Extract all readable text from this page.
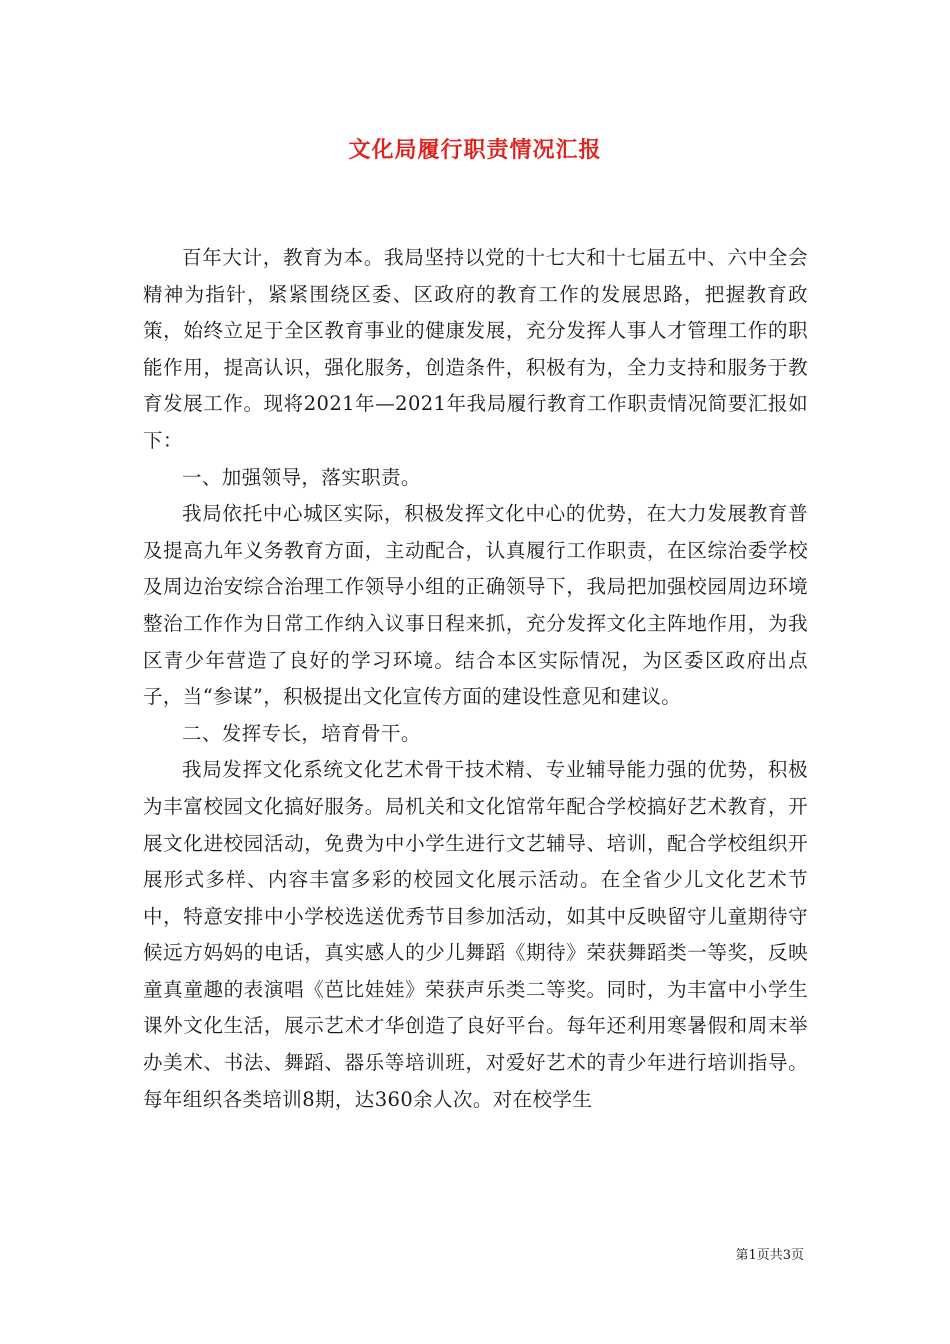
文化局履行职责情况汇报

百年大计，教育为本。我局坚持以党的十七大和十七届五中、六中全会精神为指针，紧紧围绕区委、区政府的教育工作的发展思路，把握教育政策，始终立足于全区教育事业的健康发展，充分发挥人事人才管理工作的职能作用，提高认识，强化服务，创造条件，积极有为，全力支持和服务于教育发展工作。现将2021年—2021年我局履行教育工作职责情况简要汇报如下：

一、加强领导，落实职责。

我局依托中心城区实际，积极发挥文化中心的优势，在大力发展教育普及提高九年义务教育方面，主动配合，认真履行工作职责，在区综治委学校及周边治安综合治理工作领导小组的正确领导下，我局把加强校园周边环境整治工作作为日常工作纳入议事日程来抓，充分发挥文化主阵地作用，为我区青少年营造了良好的学习环境。结合本区实际情况，为区委区政府出点子，当“参谋”，积极提出文化宣传方面的建设性意见和建议。

二、发挥专长，培育骨干。

我局发挥文化系统文化艺术骨干技术精、专业辅导能力强的优势，积极为丰富校园文化搞好服务。局机关和文化馆常年配合学校搞好艺术教育，开展文化进校园活动，免费为中小学生进行文艺辅导、培训，配合学校组织开展形式多样、内容丰富多彩的校园文化展示活动。在全省少儿文化艺术节中，特意安排中小学校选送优秀节目参加活动，如其中反映留守儿童期待守候远方妈妈的电话，真实感人的少儿舞蹈《期待》荣获舞蹈类一等奖，反映童真童趣的表演唱《芭比娃娃》荣获声乐类二等奖。同时，为丰富中小学生课外文化生活，展示艺术才华创造了良好平台。每年还利用寒暑假和周末举办美术、书法、舞蹈、器乐等培训班，对爱好艺术的青少年进行培训指导。每年组织各类培训8期，达360余人次。对在校学生

第1页共3页
